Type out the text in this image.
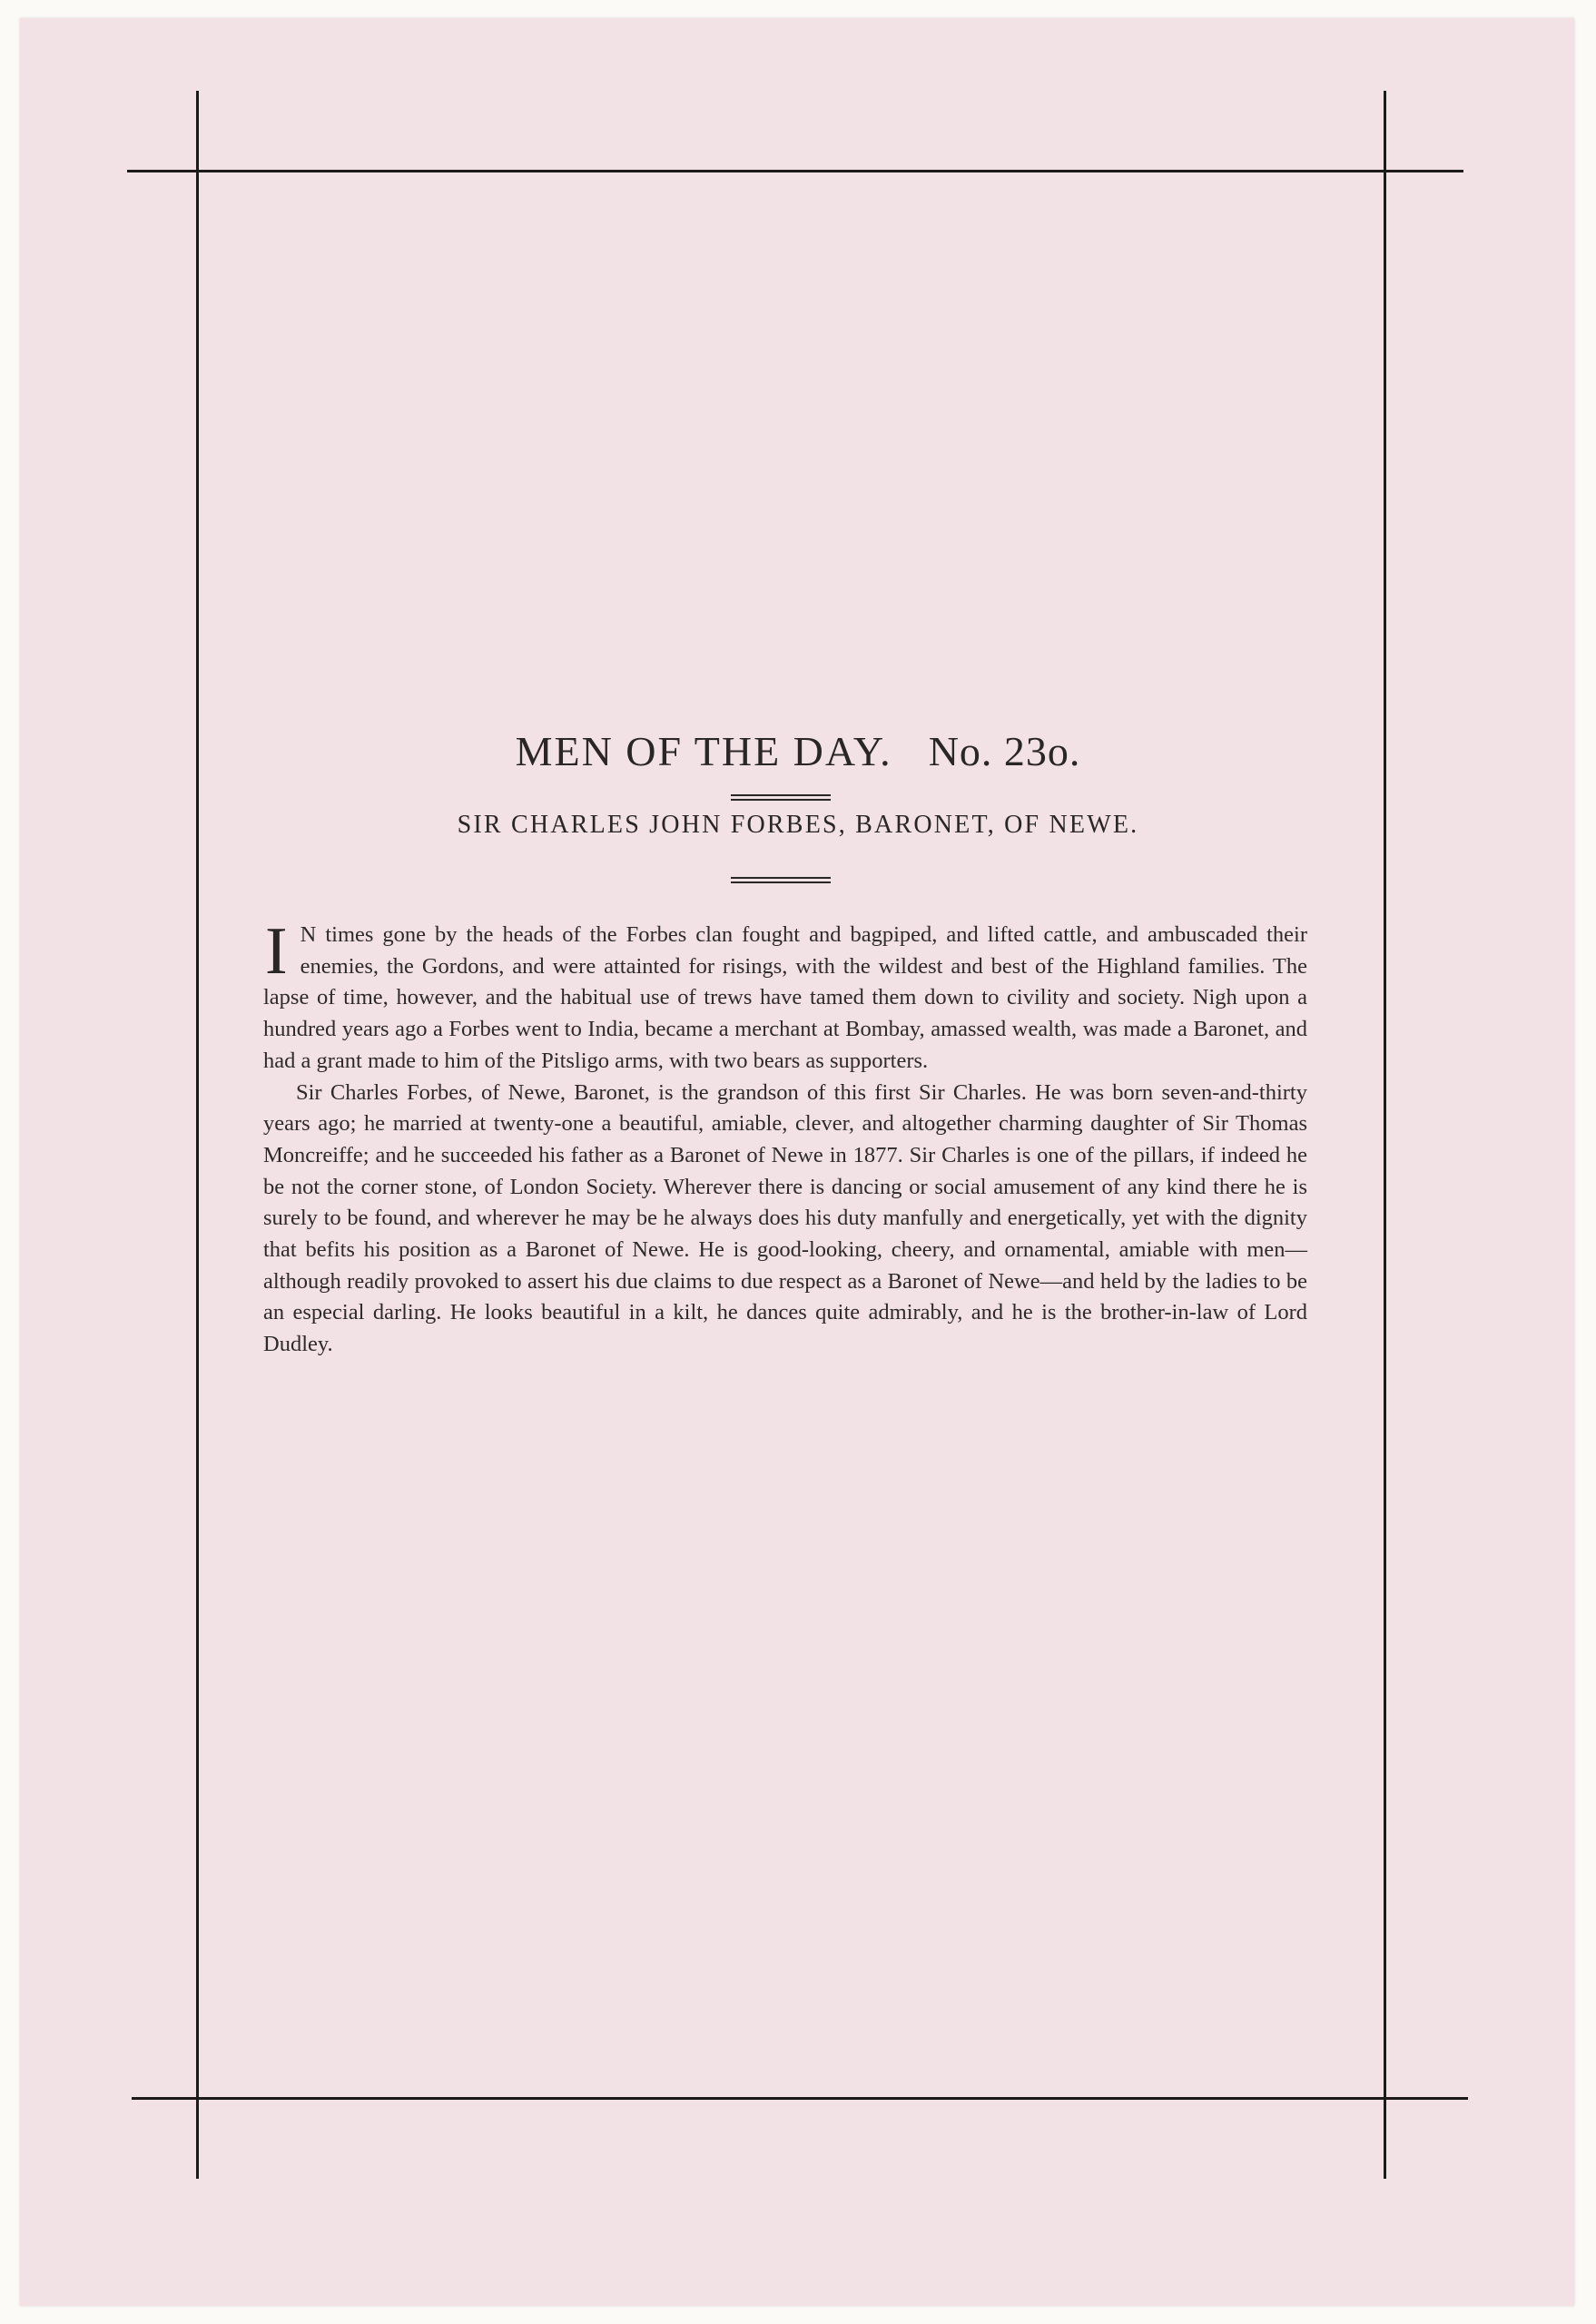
MEN OF THE DAY. No. 23o.
SIR CHARLES JOHN FORBES, BARONET, OF NEWE.

I N times gone by the heads of the Forbes clan fought and bagpiped, and lifted cattle, and ambuscaded their enemies, the Gordons, and were attainted for risings, with the wildest and best of the Highland families. The lapse of time, however, and the habitual use of trews have tamed them down to civility and society. Nigh upon a hundred years ago a Forbes went to India, became a merchant at Bombay, amassed wealth, was made a Baronet, and had a grant made to him of the Pitsligo arms, with two bears as supporters.

Sir Charles Forbes, of Newe, Baronet, is the grandson of this first Sir Charles. He was born seven-and-thirty years ago; he married at twenty-one a beautiful, amiable, clever, and altogether charming daughter of Sir Thomas Moncreiffe; and he succeeded his father as a Baronet of Newe in 1877. Sir Charles is one of the pillars, if indeed he be not the corner stone, of London Society. Wherever there is dancing or social amusement of any kind there he is surely to be found, and wherever he may be he always does his duty manfully and energetically, yet with the dignity that befits his position as a Baronet of Newe. He is good-looking, cheery, and ornamental, amiable with men—although readily provoked to assert his due claims to due respect as a Baronet of Newe—and held by the ladies to be an especial darling. He looks beautiful in a kilt, he dances quite admirably, and he is the brother-in-law of Lord Dudley.
